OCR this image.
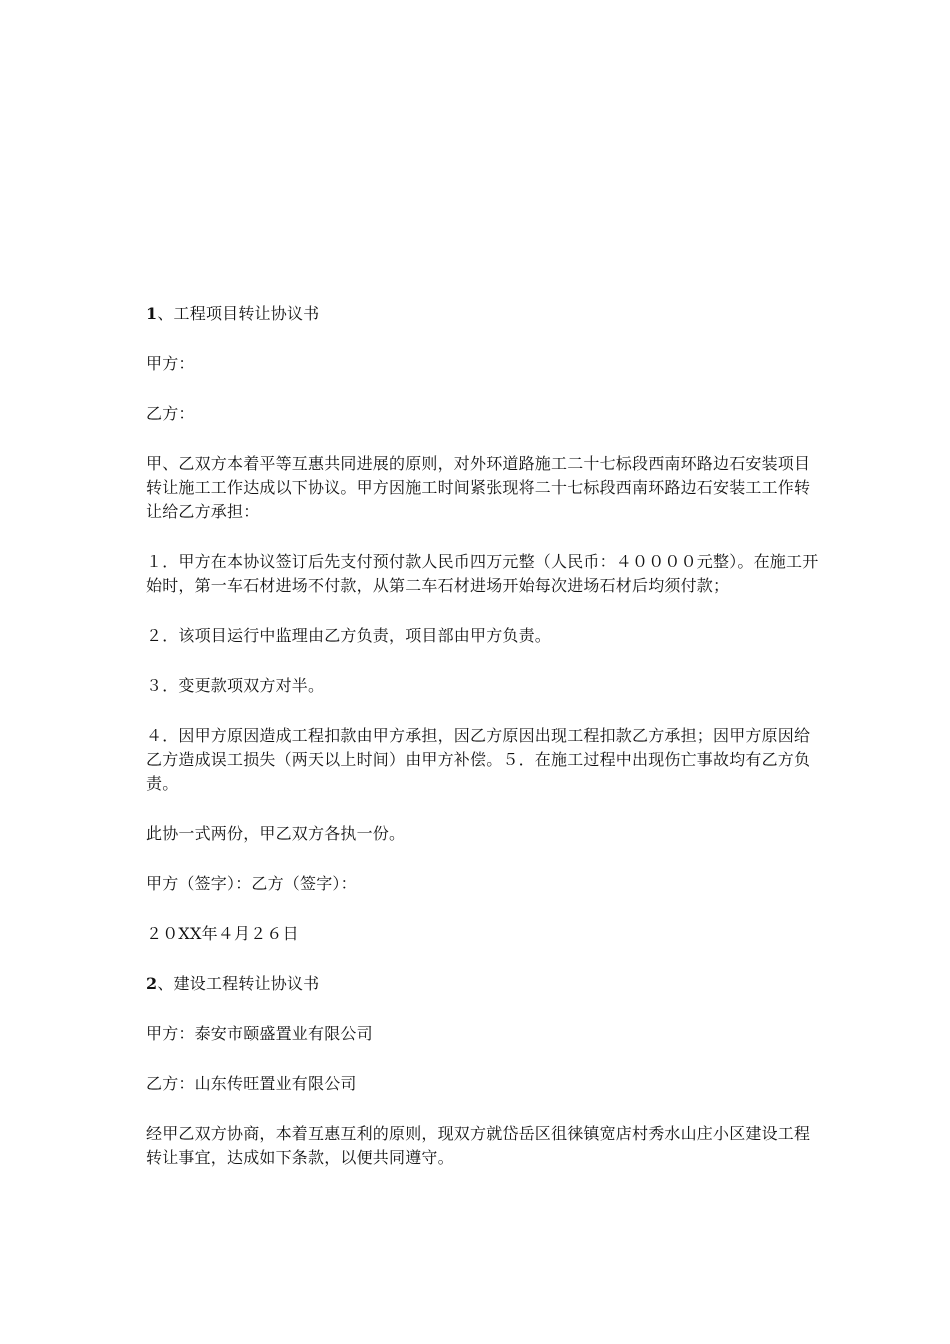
1、工程项目转让协议书

甲方：

乙方：

甲、乙双方本着平等互惠共同进展的原则，对外环道路施工二十七标段西南环路边石安装项目转让施工工作达成以下协议。甲方因施工时间紧张现将二十七标段西南环路边石安装工工作转让给乙方承担：

１．甲方在本协议签订后先支付预付款人民币四万元整（人民币：４００００元整）。在施工开始时，第一车石材进场不付款，从第二车石材进场开始每次进场石材后均须付款；

２．该项目运行中监理由乙方负责，项目部由甲方负责。

３．变更款项双方对半。

４．因甲方原因造成工程扣款由甲方承担，因乙方原因出现工程扣款乙方承担；因甲方原因给乙方造成误工损失（两天以上时间）由甲方补偿。５．在施工过程中出现伤亡事故均有乙方负责。

此协一式两份，甲乙双方各执一份。

甲方（签字）：乙方（签字）：

２０XX年４月２６日

2、建设工程转让协议书

甲方：泰安市颐盛置业有限公司

乙方：山东传旺置业有限公司

经甲乙双方协商，本着互惠互利的原则，现双方就岱岳区徂徕镇宽店村秀水山庄小区建设工程转让事宜，达成如下条款，以便共同遵守。
